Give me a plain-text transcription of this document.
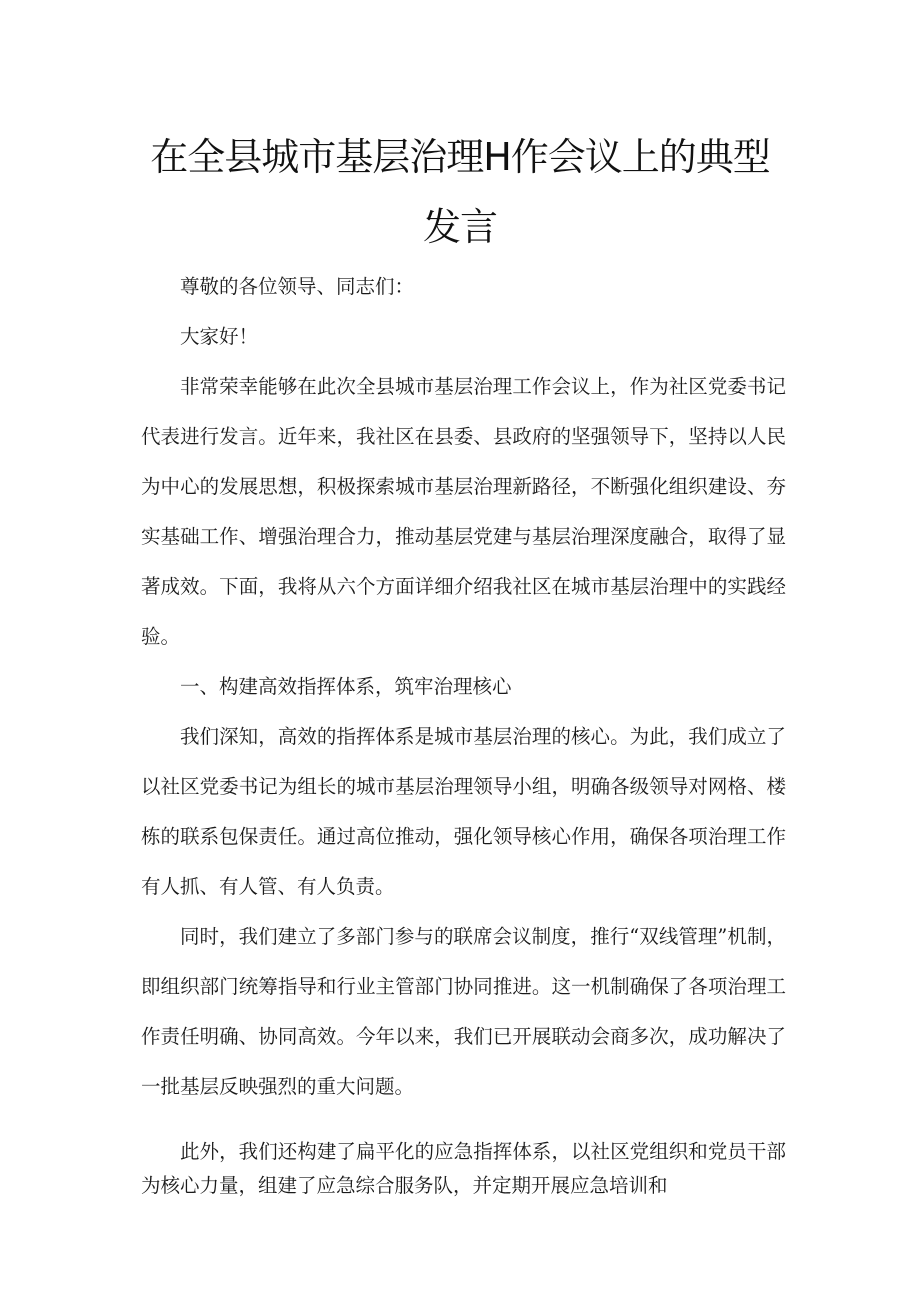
在全县城市基层治理H作会议上的典型
发言

尊敬的各位领导、同志们：

大家好！

非常荣幸能够在此次全县城市基层治理工作会议上，作为社区党委书记代表进行发言。近年来，我社区在县委、县政府的坚强领导下，坚持以人民为中心的发展思想，积极探索城市基层治理新路径，不断强化组织建设、夯实基础工作、增强治理合力，推动基层党建与基层治理深度融合，取得了显著成效。下面，我将从六个方面详细介绍我社区在城市基层治理中的实践经验。

一、构建高效指挥体系，筑牢治理核心

我们深知，高效的指挥体系是城市基层治理的核心。为此，我们成立了以社区党委书记为组长的城市基层治理领导小组，明确各级领导对网格、楼栋的联系包保责任。通过高位推动，强化领导核心作用，确保各项治理工作有人抓、有人管、有人负责。

同时，我们建立了多部门参与的联席会议制度，推行“双线管理”机制，即组织部门统筹指导和行业主管部门协同推进。这一机制确保了各项治理工作责任明确、协同高效。今年以来，我们已开展联动会商多次，成功解决了一批基层反映强烈的重大问题。

此外，我们还构建了扁平化的应急指挥体系，以社区党组织和党员干部为核心力量，组建了应急综合服务队，并定期开展应急培训和
